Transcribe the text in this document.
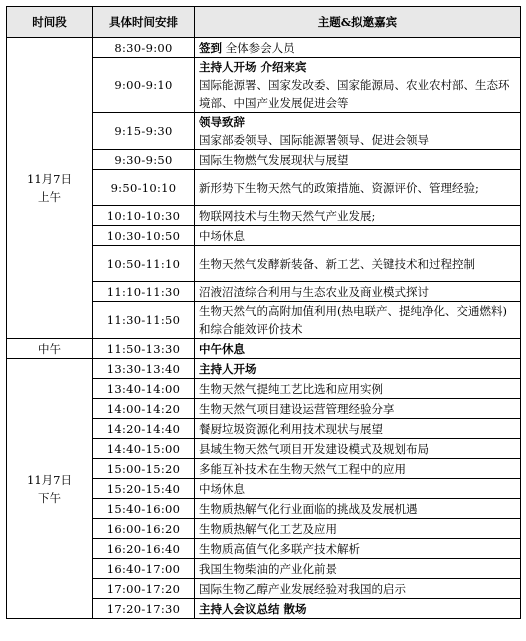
时间段	具体时间安排	主题&拟邀嘉宾

11月7日
上午	8:30-9:00	签到 全体参会人员
	9:00-9:10	主持人开场 介绍来宾
国际能源署、国家发改委、国家能源局、农业农村部、生态环境部、中国产业发展促进会等

	9:15-9:30	领导致辞
国家部委领导、国际能源署领导、促进会领导

	9:30-9:50	国际生物燃气发展现状与展望

	9:50-10:10	新形势下生物天然气的政策措施、资源评价、管理经验;

	10:10-10:30	物联网技术与生物天然气产业发展;

	10:30-10:50	中场休息

	10:50-11:10	生物天然气发酵新装备、新工艺、关键技术和过程控制

	11:10-11:30	沼液沼渣综合利用与生态农业及商业模式探讨

	11:30-11:50	生物天然气的高附加值利用(热电联产、提纯净化、交通燃料)和综合能效评价技术

中午	11:50-13:30	中午休息

11月7日
下午	13:30-13:40	主持人开场
	13:40-14:00	生物天然气提纯工艺比选和应用实例
	14:00-14:20	生物天然气项目建设运营管理经验分享
	14:20-14:40	餐厨垃圾资源化利用技术现状与展望
	14:40-15:00	县域生物天然气项目开发建设模式及规划布局
	15:00-15:20	多能互补技术在生物天然气工程中的应用
	15:20-15:40	中场休息
	15:40-16:00	生物质热解气化行业面临的挑战及发展机遇
	16:00-16:20	生物质热解气化工艺及应用
	16:20-16:40	生物质高值气化多联产技术解析
	16:40-17:00	我国生物柴油的产业化前景
	17:00-17:20	国际生物乙醇产业发展经验对我国的启示
	17:20-17:30	主持人会议总结 散场
